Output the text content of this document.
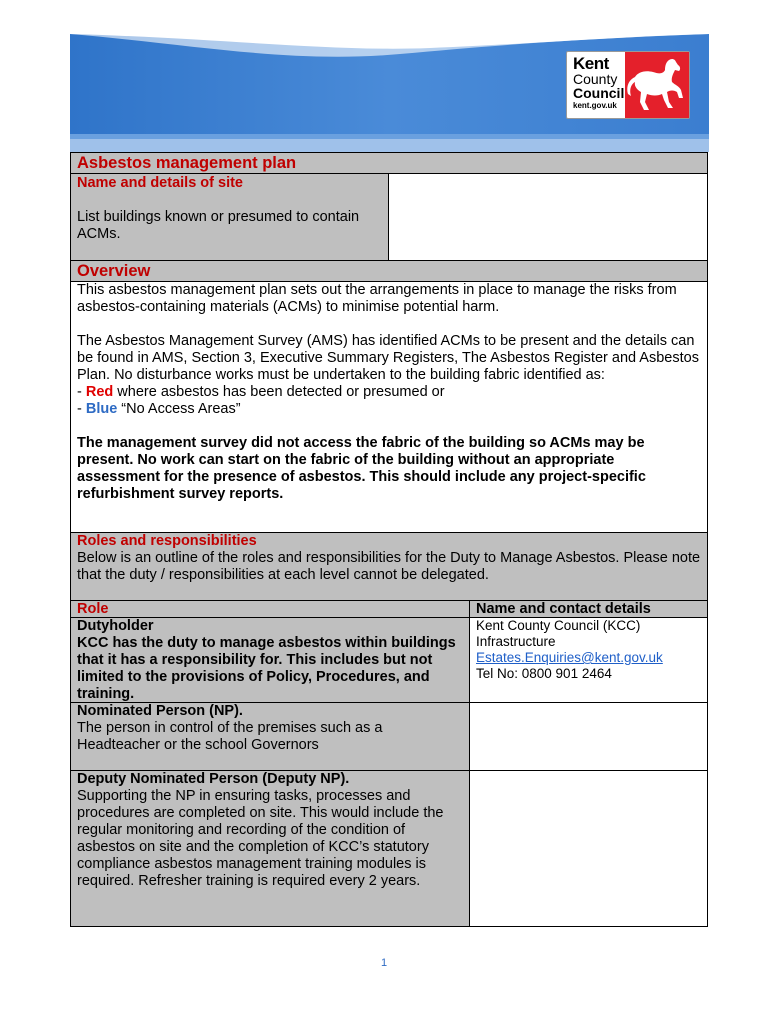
Kent
County
Council
kent.gov.uk
Asbestos management plan

Name and details of site

List buildings known or presumed to contain ACMs.

Overview

This asbestos management plan sets out the arrangements in place to manage the risks from asbestos-containing materials (ACMs) to minimise potential harm.

The Asbestos Management Survey (AMS) has identified ACMs to be present and the details can be found in AMS, Section 3, Executive Summary Registers, The Asbestos Register and Asbestos Plan. No disturbance works must be undertaken to the building fabric identified as:

- Red where asbestos has been detected or presumed or

- Blue “No Access Areas”

The management survey did not access the fabric of the building so ACMs may be present. No work can start on the fabric of the building without an appropriate assessment for the presence of asbestos. This should include any project-specific refurbishment survey reports.

Roles and responsibilities

Below is an outline of the roles and responsibilities for the Duty to Manage Asbestos. Please note that the duty / responsibilities at each level cannot be delegated.

Role	Name and contact details

Dutyholder

KCC has the duty to manage asbestos within buildings that it has a responsibility for. This includes but not limited to the provisions of Policy, Procedures, and training.

Kent County Council (KCC)

Infrastructure

Estates.Enquiries@kent.gov.uk

Tel No: 0800 901 2464

Nominated Person (NP).

The person in control of the premises such as a Headteacher or the school Governors

Deputy Nominated Person (Deputy NP).

Supporting the NP in ensuring tasks, processes and procedures are completed on site. This would include the regular monitoring and recording of the condition of asbestos on site and the completion of KCC’s statutory compliance asbestos management training modules is required. Refresher training is required every 2 years.

1
